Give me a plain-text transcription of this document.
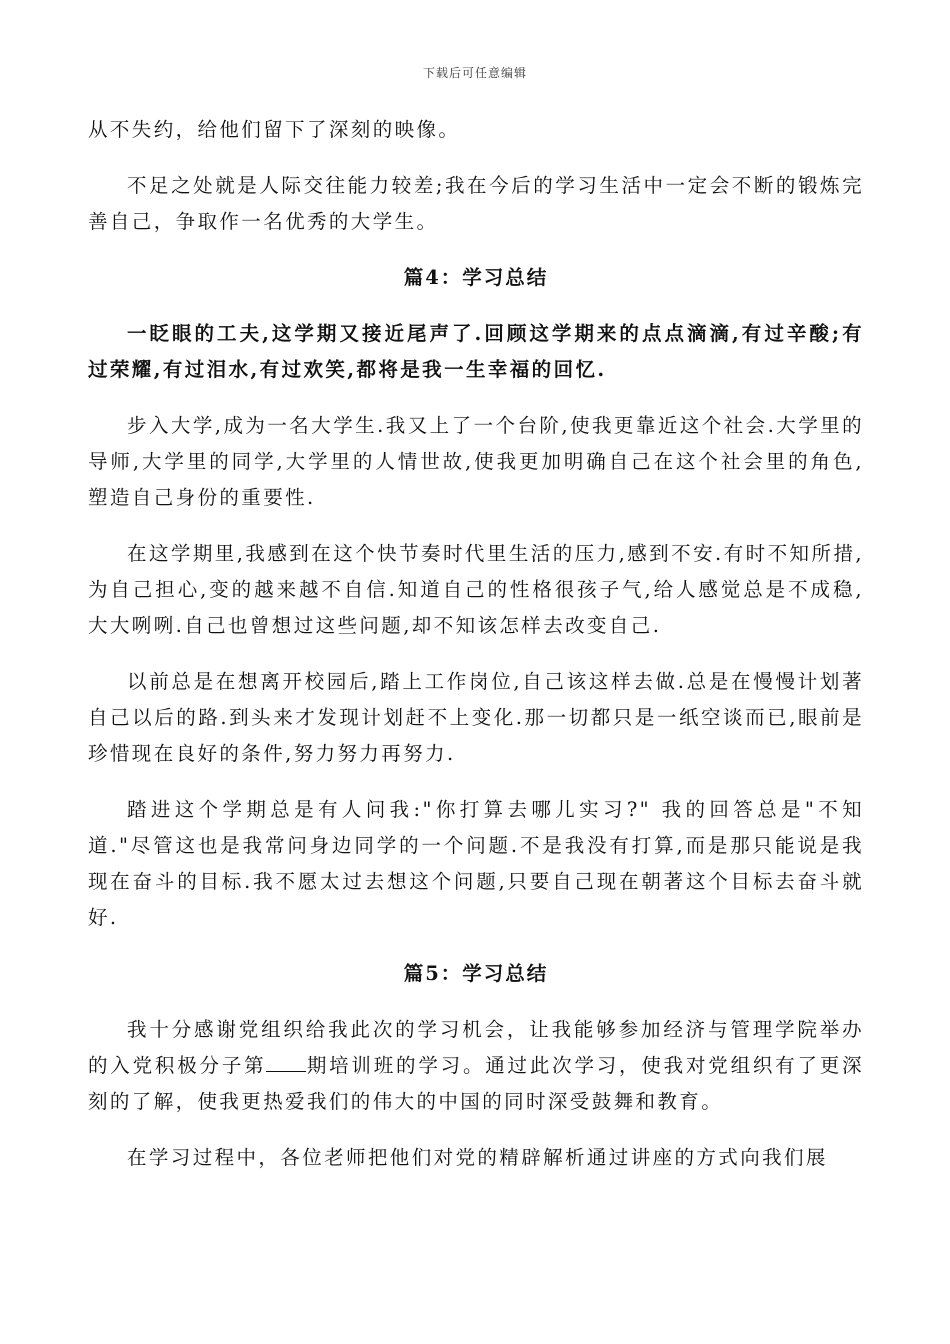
下载后可任意编辑

从不失约，给他们留下了深刻的映像。

不足之处就是人际交往能力较差;我在今后的学习生活中一定会不断的锻炼完善自己，争取作一名优秀的大学生。

篇4：学习总结

一眨眼的工夫,这学期又接近尾声了.回顾这学期来的点点滴滴,有过辛酸;有过荣耀,有过泪水,有过欢笑,都将是我一生幸福的回忆.

步入大学,成为一名大学生.我又上了一个台阶,使我更靠近这个社会.大学里的导师,大学里的同学,大学里的人情世故,使我更加明确自己在这个社会里的角色,塑造自己身份的重要性.

在这学期里,我感到在这个快节奏时代里生活的压力,感到不安.有时不知所措,为自己担心,变的越来越不自信.知道自己的性格很孩子气,给人感觉总是不成稳,大大咧咧.自己也曾想过这些问题,却不知该怎样去改变自己.

以前总是在想离开校园后,踏上工作岗位,自己该这样去做.总是在慢慢计划著自己以后的路.到头来才发现计划赶不上变化.那一切都只是一纸空谈而已,眼前是珍惜现在良好的条件,努力努力再努力.

踏进这个学期总是有人问我:"你打算去哪儿实习?" 我的回答总是"不知道."尽管这也是我常问身边同学的一个问题.不是我没有打算,而是那只能说是我现在奋斗的目标.我不愿太过去想这个问题,只要自己现在朝著这个目标去奋斗就好.

篇5：学习总结

我十分感谢党组织给我此次的学习机会，让我能够参加经济与管理学院举办的入党积极分子第 期培训班的学习。通过此次学习，使我对党组织有了更深刻的了解，使我更热爱我们的伟大的中国的同时深受鼓舞和教育。

在学习过程中，各位老师把他们对党的精辟解析通过讲座的方式向我们展
